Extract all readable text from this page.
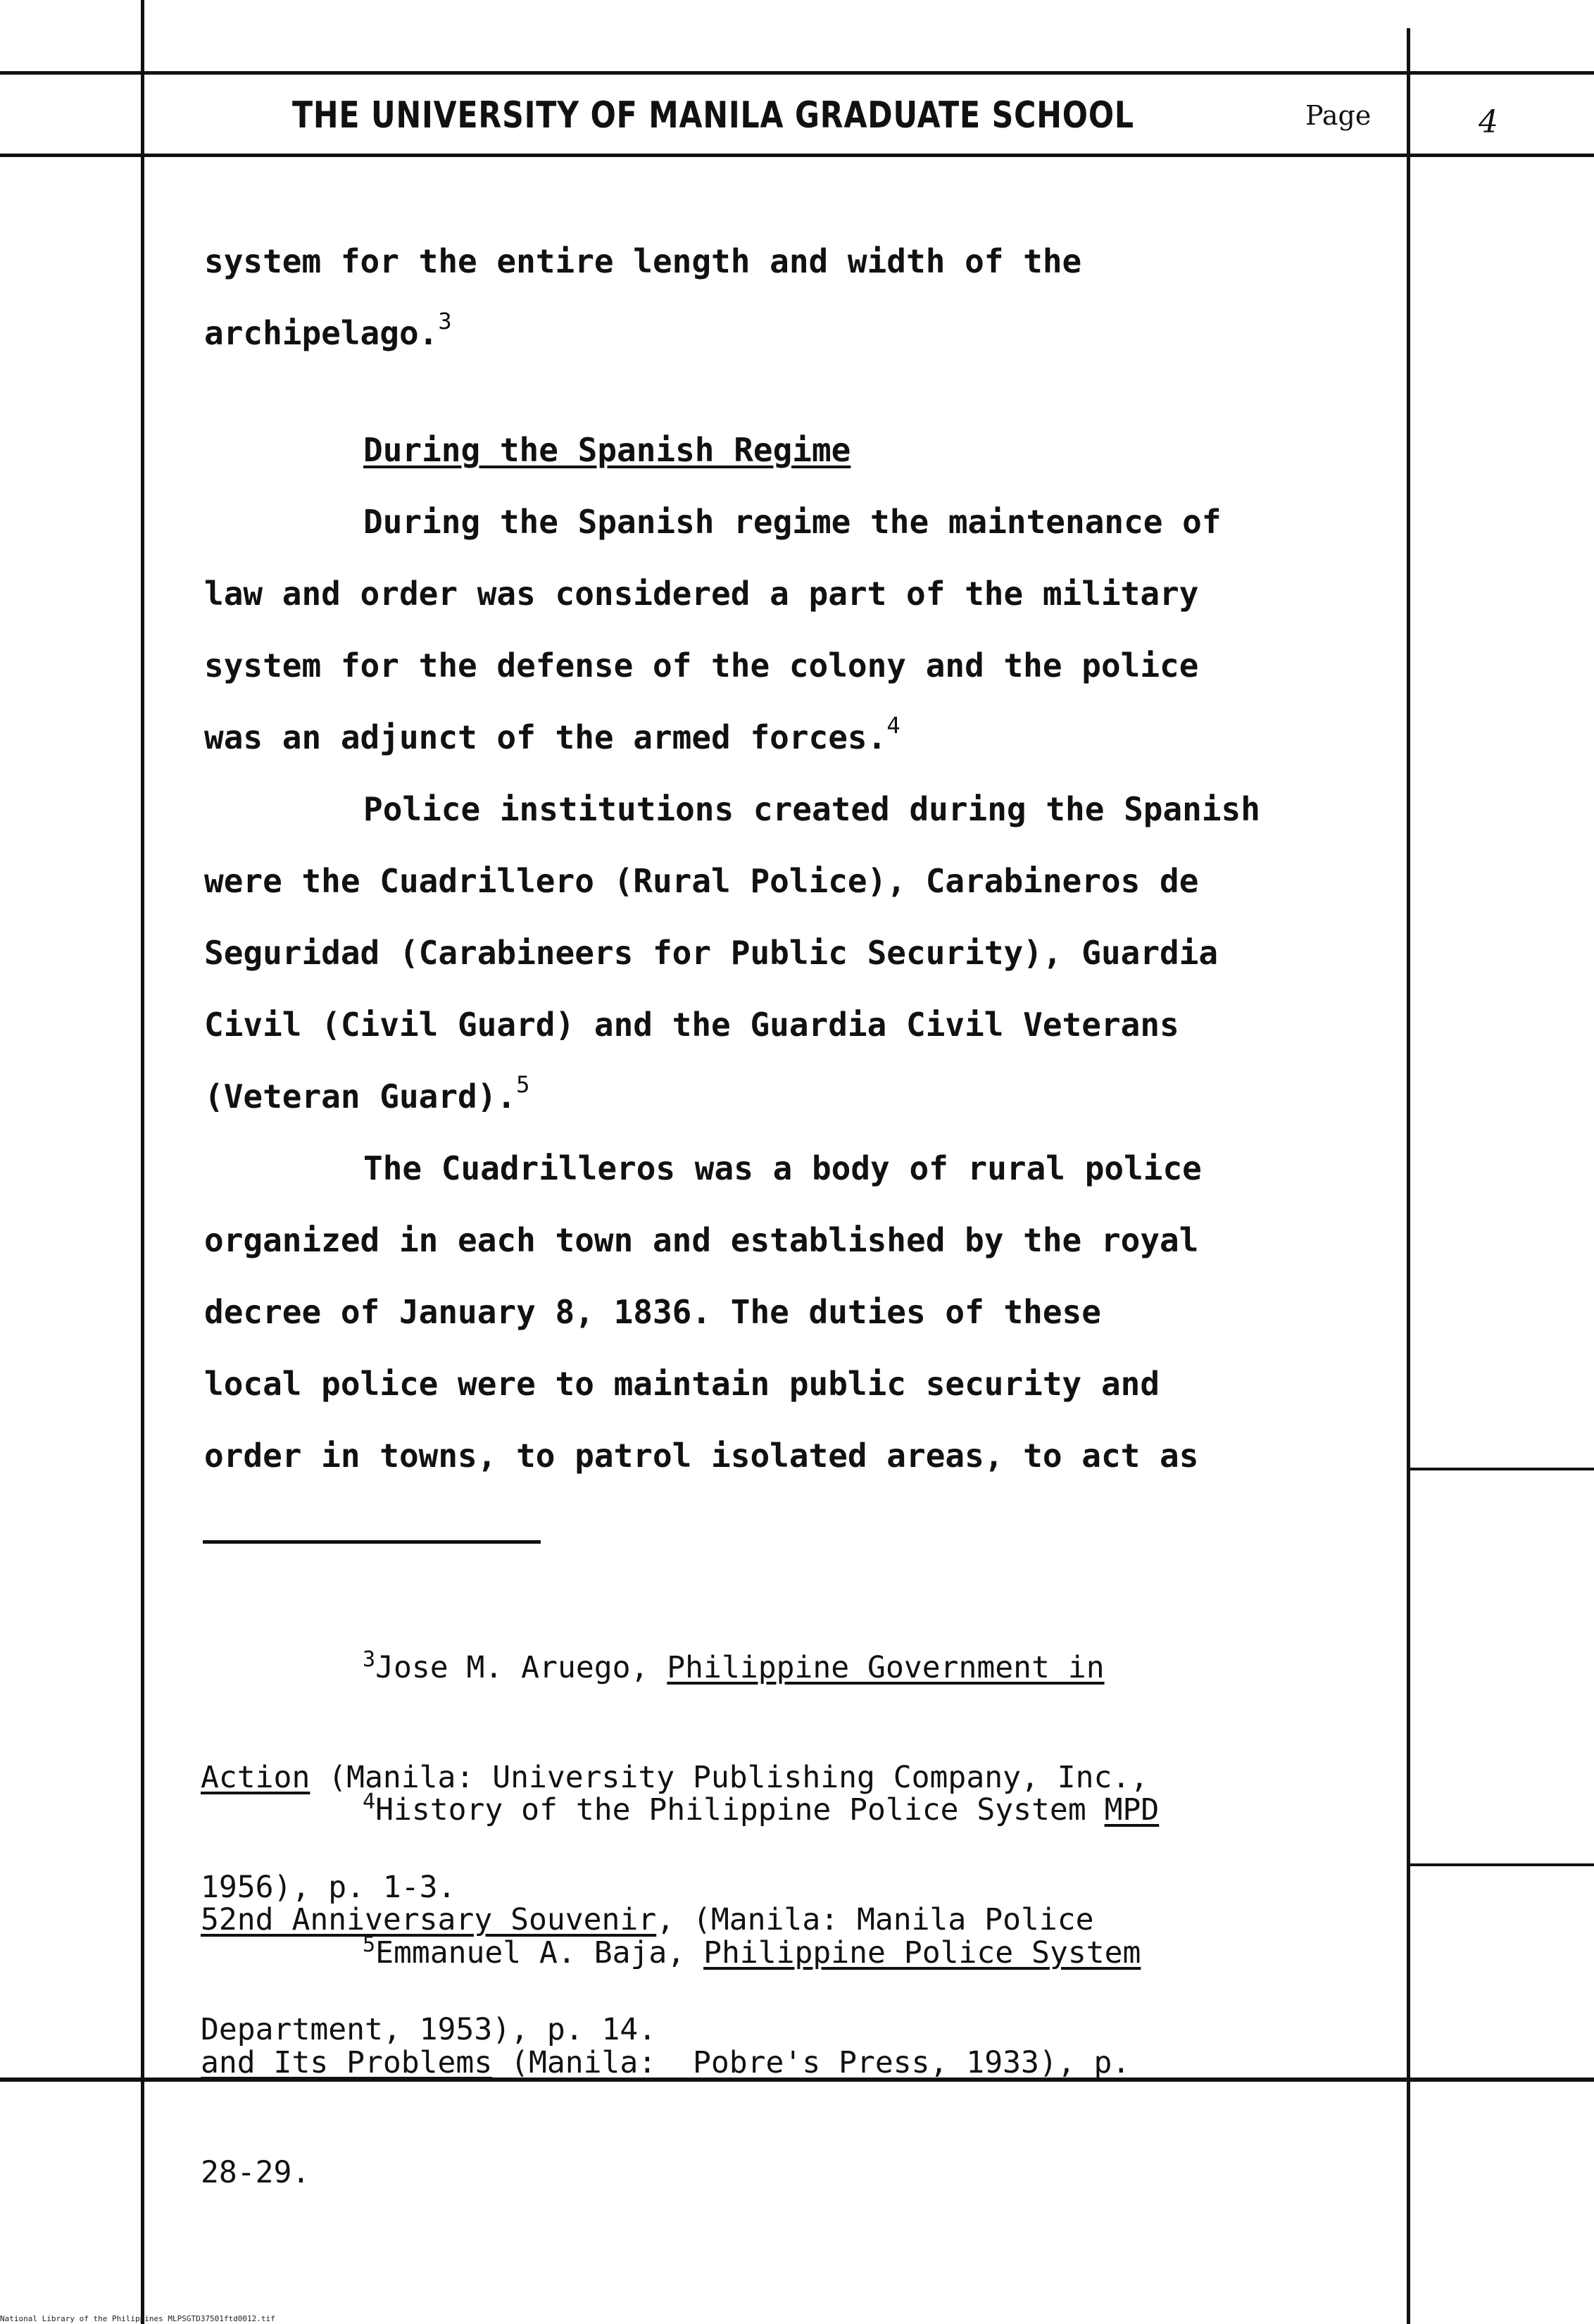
THE UNIVERSITY OF MANILA GRADUATE SCHOOL	Page	4
system for the entire length and width of the
archipelago.$^3$
During the Spanish Regime
During the Spanish regime the maintenance of
law and order was considered a part of the military
system for the defense of the colony and the police
was an adjunct of the armed forces.$^4$
Police institutions created during the Spanish
were the Cuadrillero (Rural Police), Carabineros de
Seguridad (Carabineers for Public Security), Guardia
Civil (Civil Guard) and the Guardia Civil Veterans
(Veteran Guard).$^5$
The Cuadrilleros was a body of rural police
organized in each town and established by the royal
decree of January 8, 1836. The duties of these
local police were to maintain public security and
order in towns, to patrol isolated areas, to act as

$^3$Jose M. Aruego, Philippine Government in

Action (Manila: University Publishing Company, Inc.,

1956), p. 1-3.

$^4$History of the Philippine Police System MPD

52nd Anniversary Souvenir, (Manila: Manila Police

Department, 1953), p. 14.

$^5$Emmanuel A. Baja, Philippine Police System

and Its Problems (Manila:  Pobre's Press, 1933), p.

28-29.

National Library of the Philippines MLPSGTD37501ftd0012.tif
